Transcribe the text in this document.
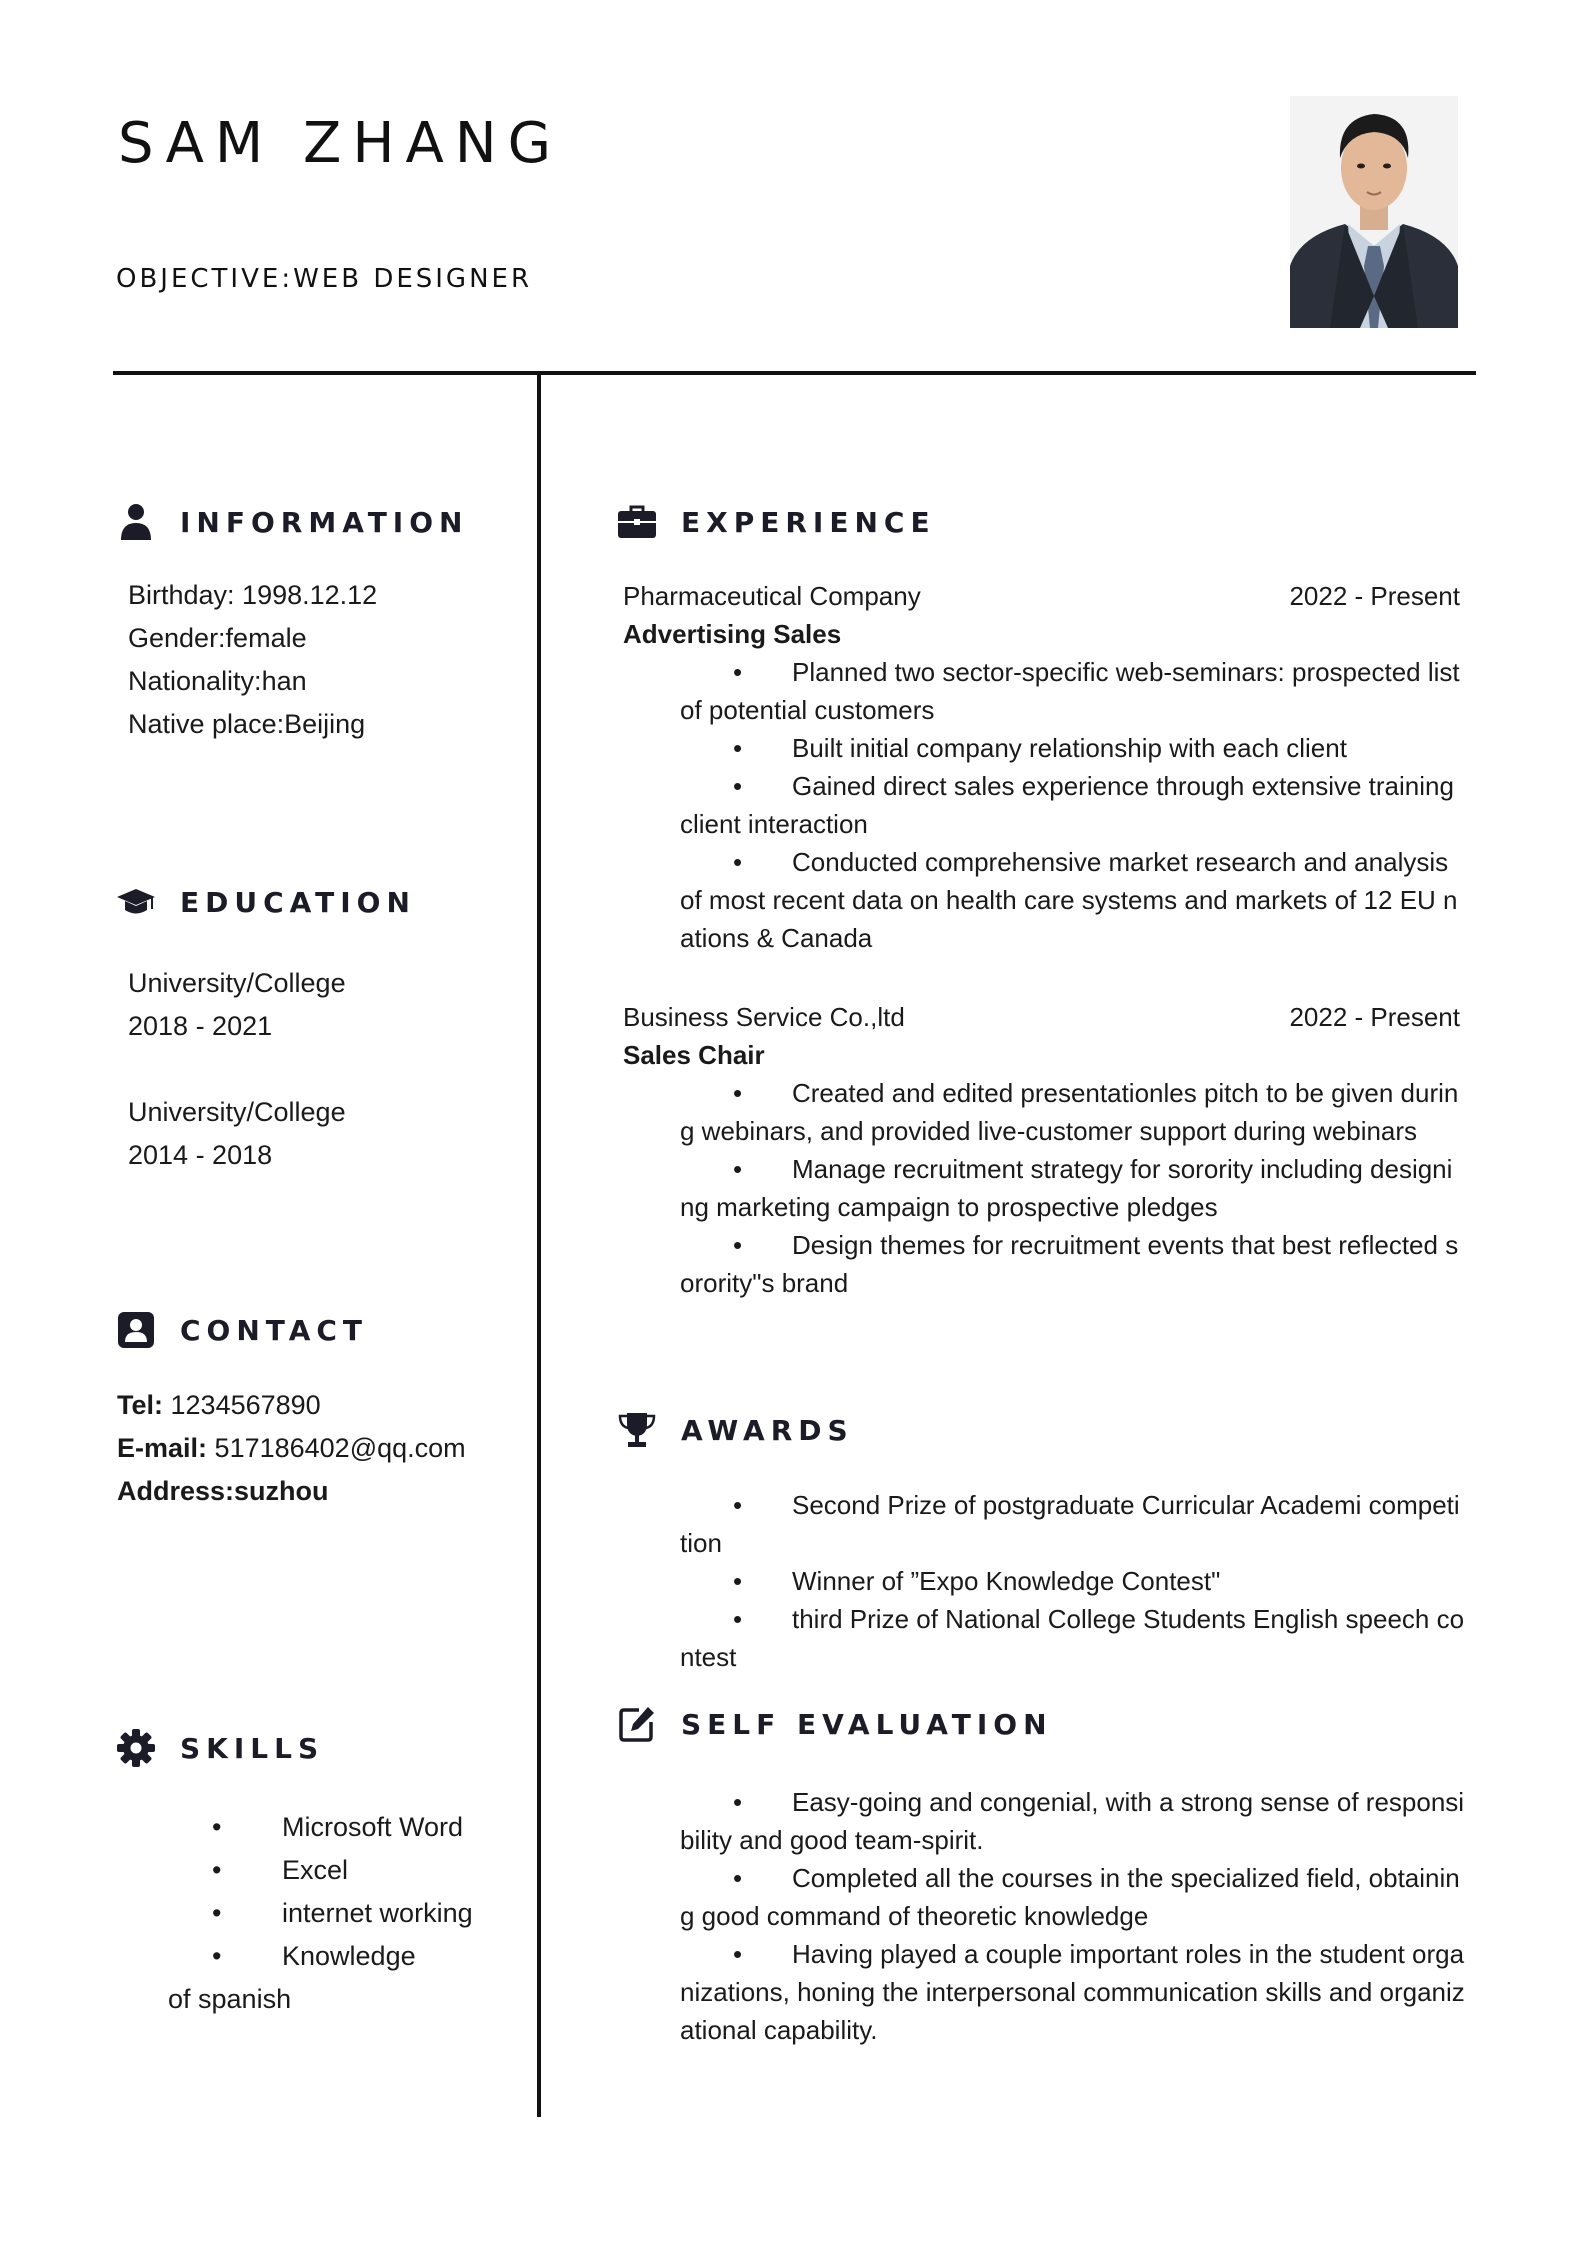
SAM ZHANG
OBJECTIVE:WEB DESIGNER
INFORMATION
Birthday: 1998.12.12
Gender:female
Nationality:han
Native place:Beijing
EDUCATION
University/College
2018 - 2021
University/College
2014 - 2018
CONTACT
Tel: 1234567890
E-mail: 517186402@qq.com
Address:suzhou
SKILLS
• Microsoft Word
• Excel
• internet working
• Knowledge of spanish
EXPERIENCE
Pharmaceutical Company	2022 - Present
Advertising Sales
• Planned two sector-specific web-seminars: prospected list of potential customers
• Built initial company relationship with each client
• Gained direct sales experience through extensive training client interaction
• Conducted comprehensive market research and analysis of most recent data on health care systems and markets of 12 EU nations & Canada
Business Service Co.,ltd	2022 - Present
Sales Chair
• Created and edited presentationles pitch to be given during webinars, and provided live-customer support during webinars
• Manage recruitment strategy for sorority including designing marketing campaign to prospective pledges
• Design themes for recruitment events that best reflected sorority"s brand
AWARDS
• Second Prize of postgraduate Curricular Academi competition
• Winner of ”Expo Knowledge Contest"
• third Prize of National College Students English speech contest
SELF EVALUATION
• Easy-going and congenial, with a strong sense of responsibility and good team-spirit.
• Completed all the courses in the specialized field, obtaining good command of theoretic knowledge
• Having played a couple important roles in the student organizations, honing the interpersonal communication skills and organizational capability.
